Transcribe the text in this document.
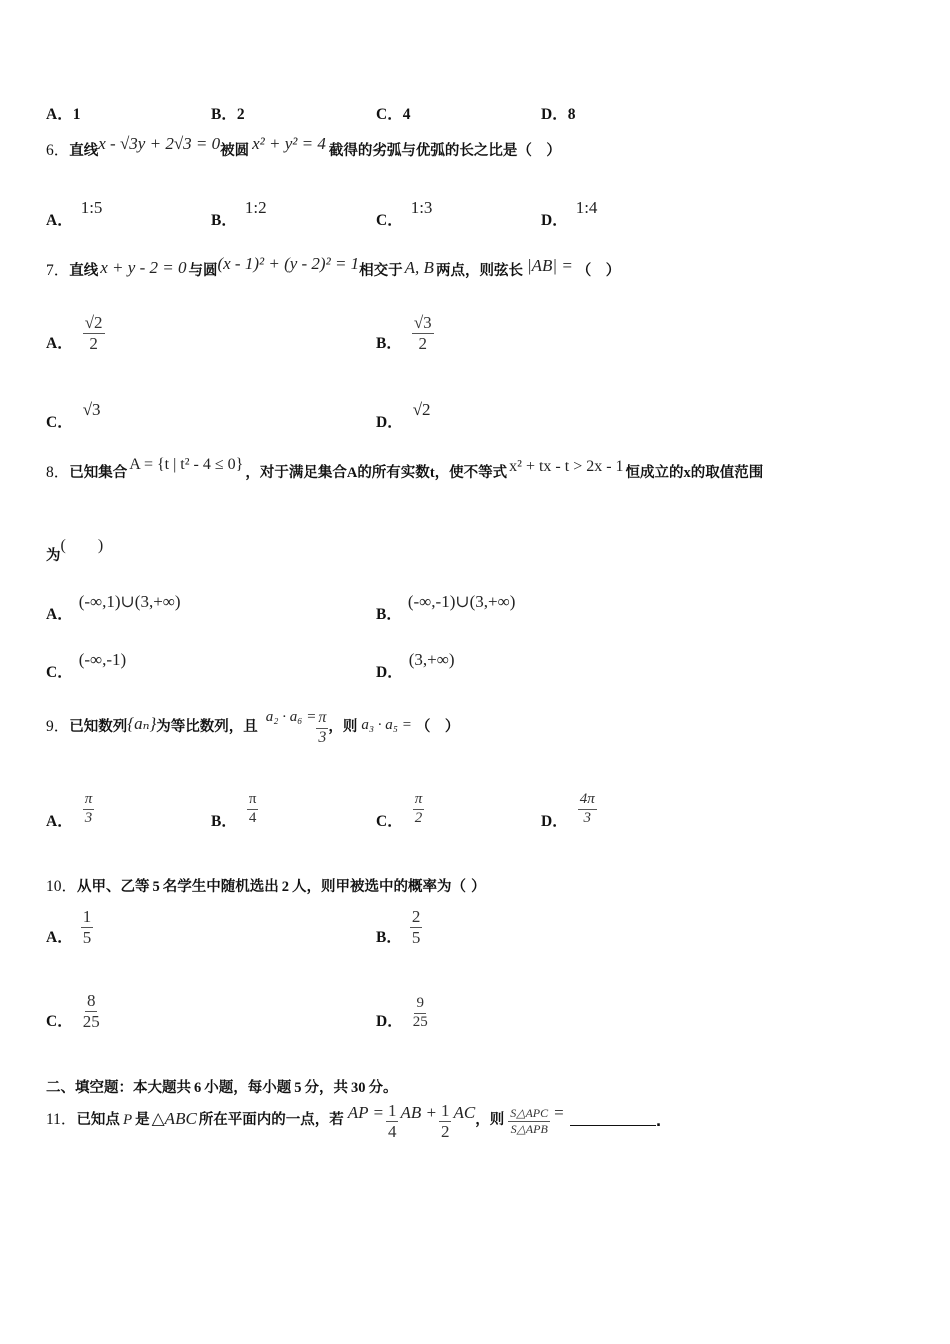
A．1	B．2	C．4	D．8
6．直线x - √3y + 2√3 = 0被圆 x² + y² = 4 截得的劣弧与优弧的长之比是（　）
A．1:5
B．1:2
C．1:3
D．1:4
7．直线 x + y - 2 = 0 与圆(x - 1)² + (y - 2)² = 1相交于 A, B 两点，则弦长 |AB| = （　）
A． $\frac{√2}{2}$	B． $\frac{√3}{2}$
C．√3
D．√2
8．已知集合 A = {t | t² - 4 ≤ 0} ，对于满足集合A的所有实数t，使不等式 x² + tx - t > 2x - 1 恒成立的x的取值范围
为(　　)
A．(-∞,1)∪(3,+∞)
B．(-∞,-1)∪(3,+∞)
C．(-∞,-1)
D．(3,+∞)
9．已知数列{aₙ}为等比数列，且$a_2 \cdot a_6 = \frac{\pi}{3}$ ，则 a₃ · a₅ = （　）
A． $\frac{\pi}{3}$	B． $\frac{\pi}{4}$	C． $\frac{\pi}{2}$	D． $\frac{4\pi}{3}$
10．从甲、乙等 5 名学生中随机选出 2 人，则甲被选中的概率为（ ）
A． $\frac{1}{5}$	B． $\frac{2}{5}$
C． $\frac{8}{25}$	D． $\frac{9}{25}$
二、填空题：本大题共 6 小题，每小题 5 分，共 30 分。
11．已知点 P 是 △ABC 所在平面内的一点，若 AP = $\frac{1}{4}$ AB + $\frac{1}{2}$ AC，则 $\frac{\text{S△APC}}{\text{S△APB}}$ =	.
